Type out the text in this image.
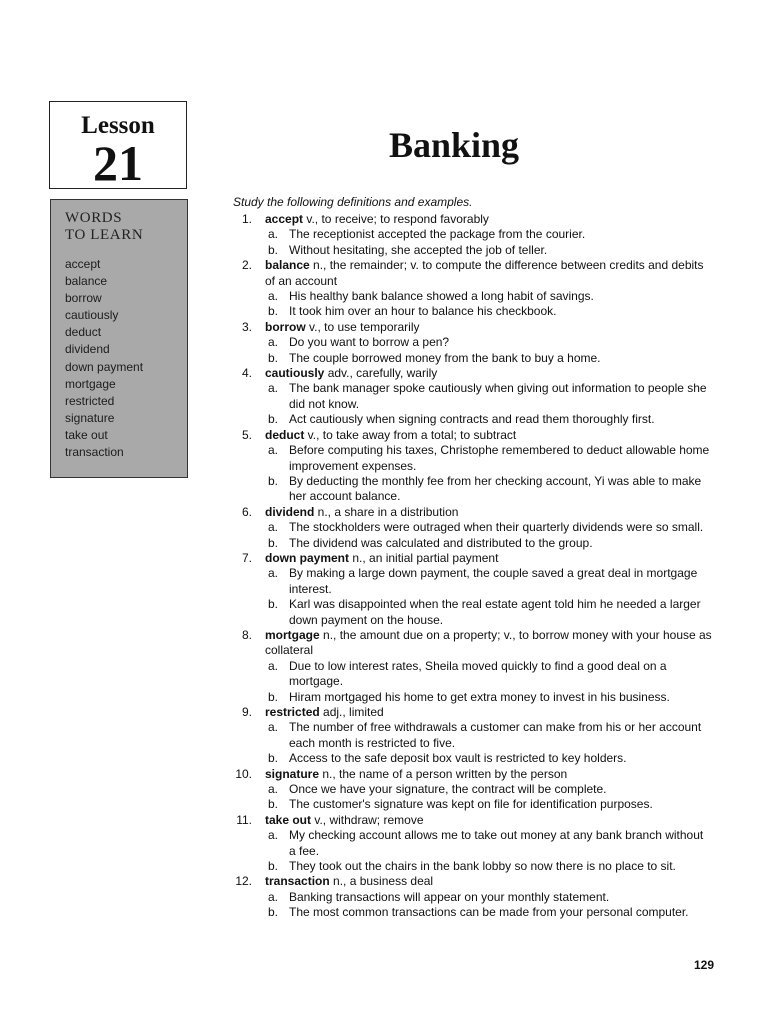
Lesson
21
WORDS
TO LEARN
accept
balance
borrow
cautiously
deduct
dividend
down payment
mortgage
restricted
signature
take out
transaction
Banking
Study the following definitions and examples.
1. accept v., to receive; to respond favorably
a. The receptionist accepted the package from the courier.
b. Without hesitating, she accepted the job of teller.
2. balance n., the remainder; v. to compute the difference between credits and debits of an account
a. His healthy bank balance showed a long habit of savings.
b. It took him over an hour to balance his checkbook.
3. borrow v., to use temporarily
a. Do you want to borrow a pen?
b. The couple borrowed money from the bank to buy a home.
4. cautiously adv., carefully, warily
a. The bank manager spoke cautiously when giving out information to people she did not know.
b. Act cautiously when signing contracts and read them thoroughly first.
5. deduct v., to take away from a total; to subtract
a. Before computing his taxes, Christophe remembered to deduct allowable home improvement expenses.
b. By deducting the monthly fee from her checking account, Yi was able to make her account balance.
6. dividend n., a share in a distribution
a. The stockholders were outraged when their quarterly dividends were so small.
b. The dividend was calculated and distributed to the group.
7. down payment n., an initial partial payment
a. By making a large down payment, the couple saved a great deal in mortgage interest.
b. Karl was disappointed when the real estate agent told him he needed a larger down payment on the house.
8. mortgage n., the amount due on a property; v., to borrow money with your house as collateral
a. Due to low interest rates, Sheila moved quickly to find a good deal on a mortgage.
b. Hiram mortgaged his home to get extra money to invest in his business.
9. restricted adj., limited
a. The number of free withdrawals a customer can make from his or her account each month is restricted to five.
b. Access to the safe deposit box vault is restricted to key holders.
10. signature n., the name of a person written by the person
a. Once we have your signature, the contract will be complete.
b. The customer's signature was kept on file for identification purposes.
11. take out v., withdraw; remove
a. My checking account allows me to take out money at any bank branch without a fee.
b. They took out the chairs in the bank lobby so now there is no place to sit.
12. transaction n., a business deal
a. Banking transactions will appear on your monthly statement.
b. The most common transactions can be made from your personal computer.
129
